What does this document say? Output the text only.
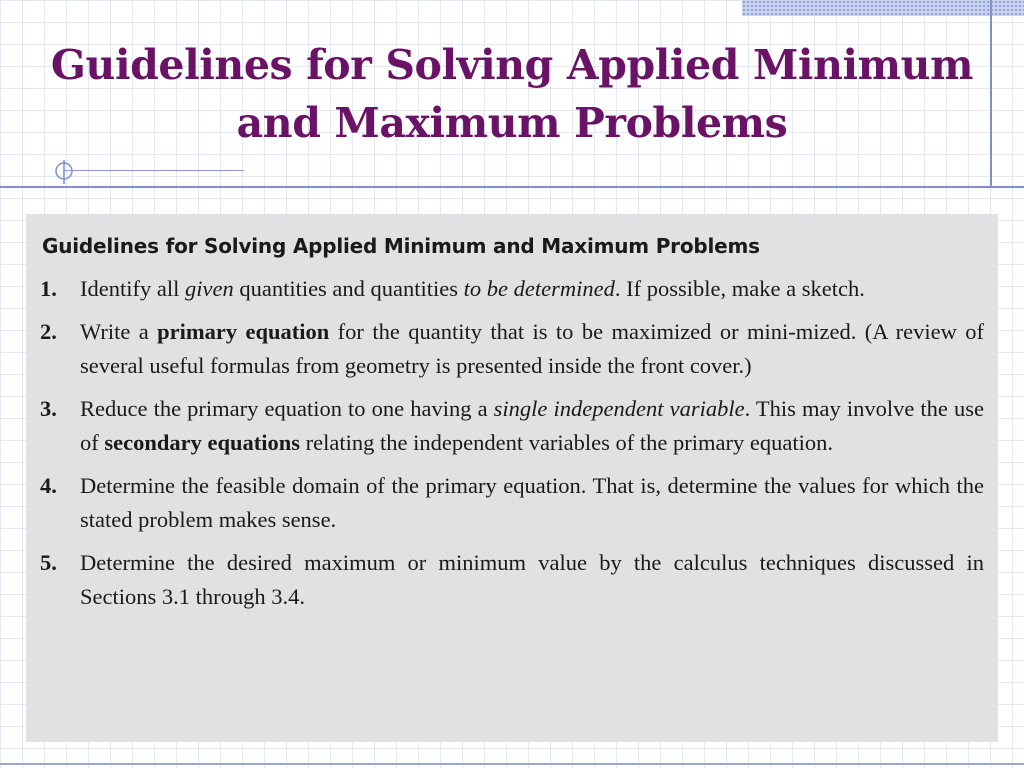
Guidelines for Solving Applied Minimum
and Maximum Problems
Guidelines for Solving Applied Minimum and Maximum Problems
1.	Identify all given quantities and quantities to be determined. If possible, make a sketch.
2.	Write a primary equation for the quantity that is to be maximized or mini-mized. (A review of several useful formulas from geometry is presented inside the front cover.)
3.	Reduce the primary equation to one having a single independent variable. This may involve the use of secondary equations relating the independent variables of the primary equation.
4.	Determine the feasible domain of the primary equation. That is, determine the values for which the stated problem makes sense.
5.	Determine the desired maximum or minimum value by the calculus techniques discussed in Sections 3.1 through 3.4.
